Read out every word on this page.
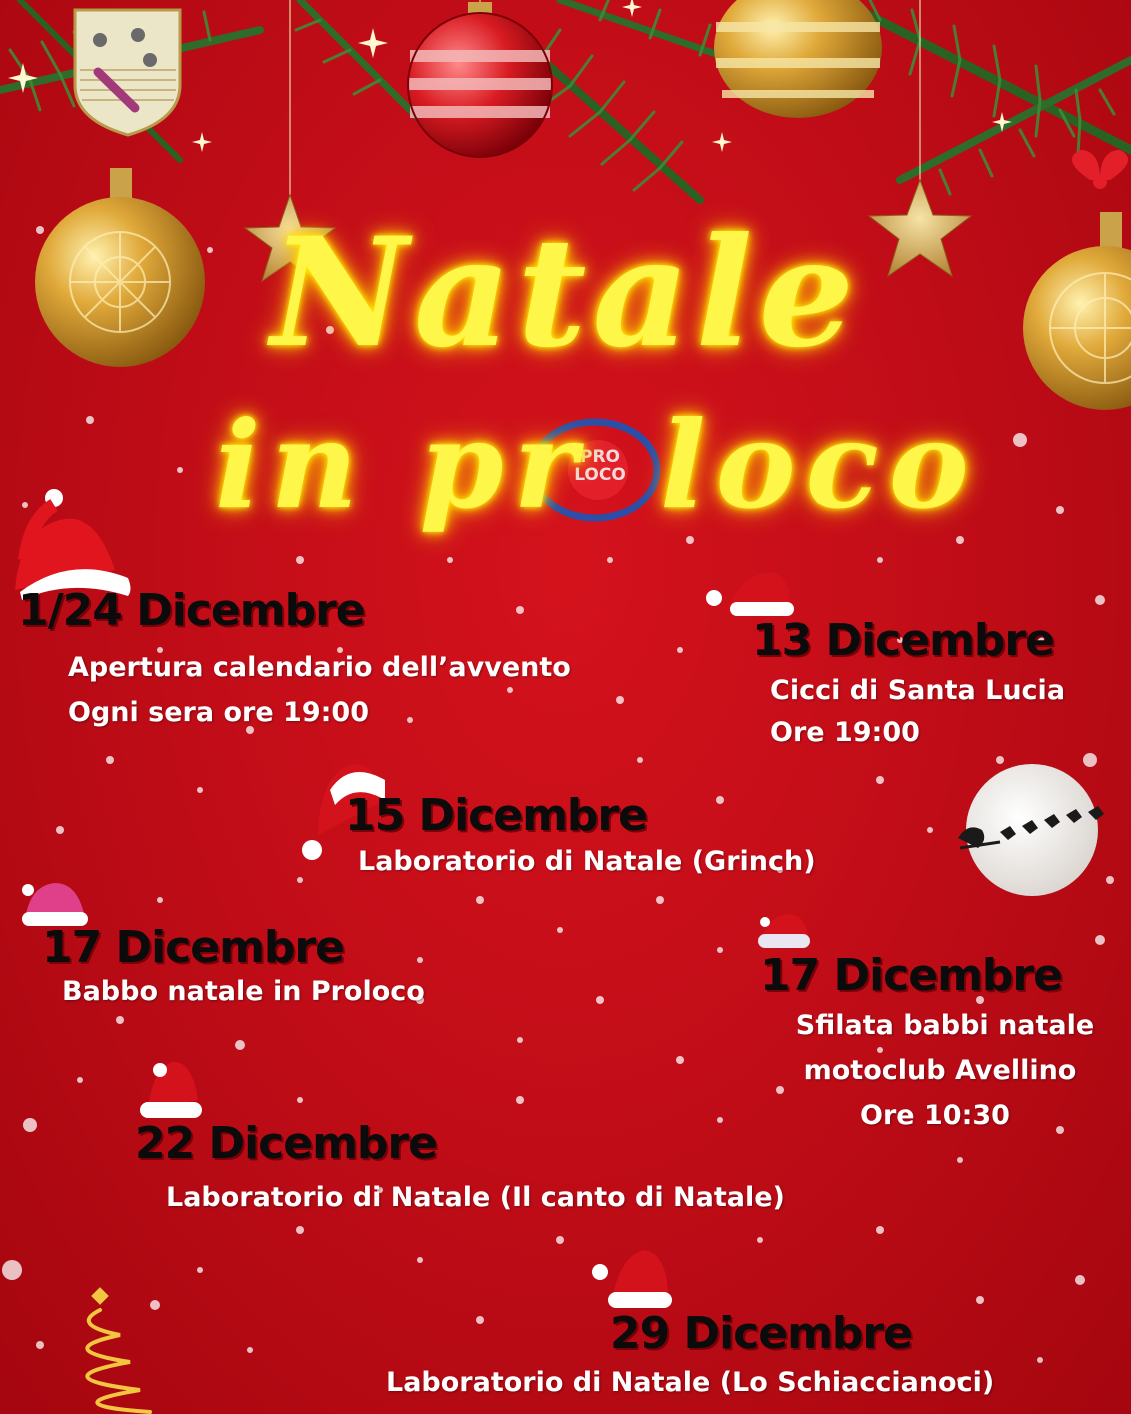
PRO
LOCO
Natale
in pr loco
1/24 Dicembre
Apertura calendario dell’avvento
Ogni sera ore 19:00
13 Dicembre
Cicci di Santa Lucia
Ore 19:00
15 Dicembre
Laboratorio di Natale (Grinch)
17 Dicembre
Babbo natale in Proloco	17 Dicembre
Sfilata babbi natale
motoclub Avellino
Ore 10:30
22 Dicembre
Laboratorio di Natale (Il canto di Natale)
29 Dicembre
Laboratorio di Natale (Lo Schiaccianoci)
